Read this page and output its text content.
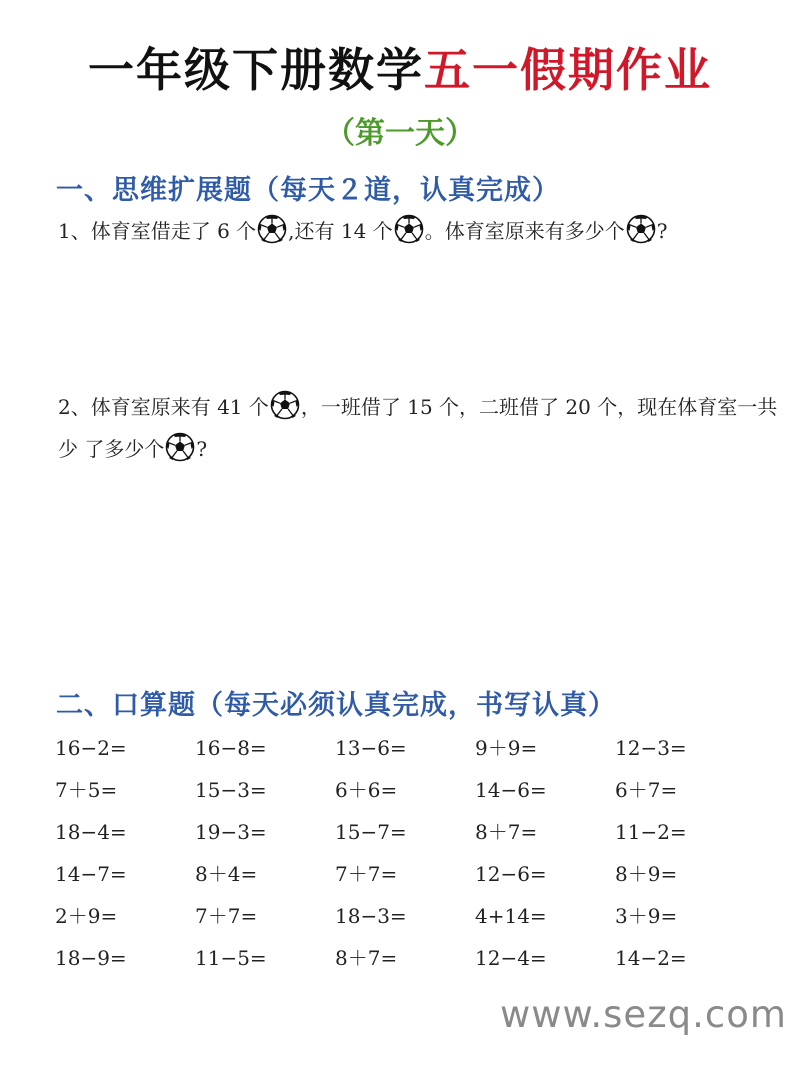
一年级下册数学五一假期作业
（第一天）
一、思维扩展题（每天２道，认真完成）
1、体育室借走了 6 个 ,还有 14 个 。体育室原来有多少个 ?
2、体育室原来有 41 个 ，一班借了 15 个，二班借了 20 个，现在体育室一共少 了多少个 ?
二、口算题（每天必须认真完成，书写认真）
16−2=	16−8=	13−6=	9＋9=	12−3=
7＋5=	15−3=	6＋6=	14−6=	6＋7=
18−4=	19−3=	15−7=	8＋7=	11−2=
14−7=	8＋4=	7＋7=	12−6=	8＋9=
2＋9=	7＋7=	18−3=	4+14=	3＋9=
18−9=	11−5=	8＋7=	12−4=	14−2=
www.sezq.com
